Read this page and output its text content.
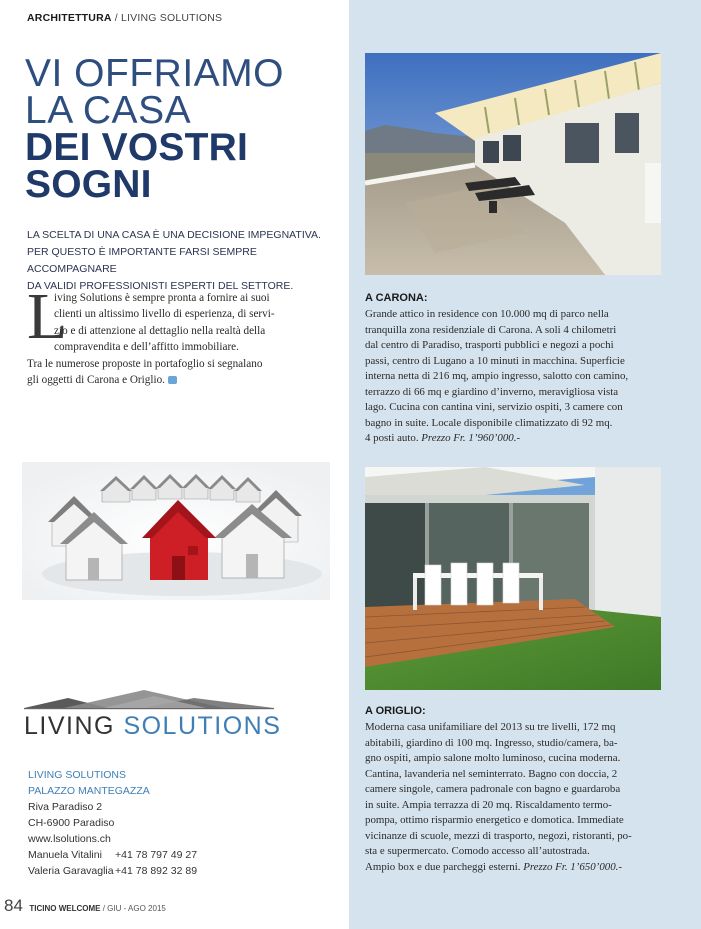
ARCHITETTURA / LIVING SOLUTIONS
VI OFFRIAMO
LA CASA
DEI VOSTRI
SOGNI
LA SCELTA DI UNA CASA È UNA DECISIONE IMPEGNATIVA.
PER QUESTO È IMPORTANTE FARSI SEMPRE ACCOMPAGNARE
DA VALIDI PROFESSIONISTI ESPERTI DEL SETTORE.
L
iving Solutions è sempre pronta a fornire ai suoi
clienti un altissimo livello di esperienza, di servi-
zio e di attenzione al dettaglio nella realtà della
compravendita e dell’affitto immobiliare.
Tra le numerose proposte in portafoglio si segnalano
gli oggetti di Carona e Origlio.
LIVING SOLUTIONS
LIVING SOLUTIONS
PALAZZO MANTEGAZZA
Riva Paradiso 2
CH-6900 Paradiso
www.lsolutions.ch
Manuela Vitalini +41 78 797 49 27
Valeria Garavaglia +41 78 892 32 89
84 TICINO WELCOME / GIU - AGO 2015
A CARONA:
Grande attico in residence con 10.000 mq di parco nella
tranquilla zona residenziale di Carona. A soli 4 chilometri
dal centro di Paradiso, trasporti pubblici e negozi a pochi
passi, centro di Lugano a 10 minuti in macchina. Superficie
interna netta di 216 mq, ampio ingresso, salotto con camino,
terrazzo di 66 mq e giardino d’inverno, meravigliosa vista
lago. Cucina con cantina vini, servizio ospiti, 3 camere con
bagno in suite. Locale disponibile climatizzato di 92 mq.
4 posti auto. Prezzo Fr. 1’960’000.-
A ORIGLIO:
Moderna casa unifamiliare del 2013 su tre livelli, 172 mq
abitabili, giardino di 100 mq. Ingresso, studio/camera, ba-
gno ospiti, ampio salone molto luminoso, cucina moderna.
Cantina, lavanderia nel seminterrato. Bagno con doccia, 2
camere singole, camera padronale con bagno e guardaroba
in suite. Ampia terrazza di 20 mq. Riscaldamento termo-
pompa, ottimo risparmio energetico e domotica. Immediate
vicinanze di scuole, mezzi di trasporto, negozi, ristoranti, po-
sta e supermercato. Comodo accesso all’autostrada.
Ampio box e due parcheggi esterni. Prezzo Fr. 1’650’000.-
